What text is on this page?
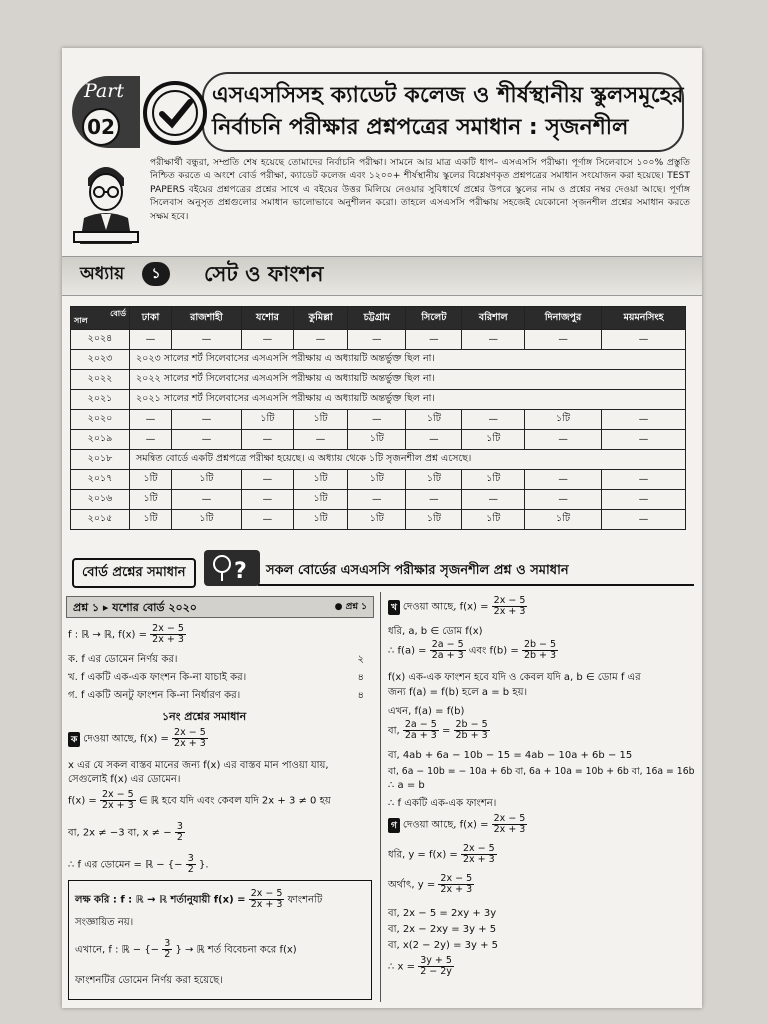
Part
02
এসএসসিসহ ক্যাডেট কলেজ ও শীর্ষস্থানীয় স্কুলসমূহের
নির্বাচনি পরীক্ষার প্রশ্নপত্রের সমাধান : সৃজনশীল
পরীক্ষার্থী বন্ধুরা, সম্প্রতি শেষ হয়েছে তোমাদের নির্বাচনি পরীক্ষা। সামনে আর মাত্র একটি ধাপ– এসএসসি পরীক্ষা। পূর্ণাঙ্গ সিলেবাসে ১০০% প্রস্তুতি নিশ্চিত করতে এ অংশে বোর্ড পরীক্ষা, ক্যাডেট কলেজ এবং ১২০০+ শীর্ষস্থানীয় স্কুলের বিশ্লেষণকৃত প্রশ্নপত্রের সমাধান সংযোজন করা হয়েছে। TEST PAPERS বইয়ের প্রশ্নপত্রের প্রশ্নের সাথে এ বইয়ের উত্তর মিলিয়ে নেওয়ার সুবিধার্থে প্রশ্নের উপরে স্কুলের নাম ও প্রশ্নের নম্বর দেওয়া আছে। পূর্ণাঙ্গ সিলেবাস অনুসৃত প্রশ্নগুলোর সমাধান ভালোভাবে অনুশীলন করো। তাহলে এসএসসি পরীক্ষায় সহজেই যেকোনো সৃজনশীল প্রশ্নের সমাধান করতে সক্ষম হবে।
অধ্যায়	১	সেট ও ফাংশন
বোর্ড
সাল	ঢাকা	রাজশাহী	যশোর	কুমিল্লা	চট্টগ্রাম	সিলেট	বরিশাল	দিনাজপুর	ময়মনসিংহ
২০২৪	—	—	—	—	—	—	—	—	—
২০২৩	২০২৩ সালের শর্ট সিলেবাসের এসএসসি পরীক্ষায় এ অধ্যায়টি অন্তর্ভুক্ত ছিল না।								
২০২২	২০২২ সালের শর্ট সিলেবাসের এসএসসি পরীক্ষায় এ অধ্যায়টি অন্তর্ভুক্ত ছিল না।								
২০২১	২০২১ সালের শর্ট সিলেবাসের এসএসসি পরীক্ষায় এ অধ্যায়টি অন্তর্ভুক্ত ছিল না।								
২০২০	—	—	১টি	১টি	—	১টি	—	১টি	—
২০১৯	—	—	—	—	১টি	—	১টি	—	—
২০১৮	সমন্বিত বোর্ডে একটি প্রশ্নপত্রে পরীক্ষা হয়েছে। এ অধ্যায় থেকে ১টি সৃজনশীল প্রশ্ন এসেছে।								
২০১৭	১টি	১টি	—	১টি	১টি	১টি	১টি	—	—
২০১৬	১টি	—	—	১টি	—	—	—	—	—
২০১৫	১টি	১টি	—	১টি	১টি	১টি	১টি	১টি	—
বোর্ড প্রশ্নের সমাধান	?	সকল বোর্ডের এসএসসি পরীক্ষার সৃজনশীল প্রশ্ন ও সমাধান
প্রশ্ন ১ ▸ যশোর বোর্ড ২০২০	● প্রশ্ন ১
f : ℝ → ℝ, $f(x) = \frac{2x - 5}{2x + 3}$
ক. f এর ডোমেন নির্ণয় কর।	২
খ. f একটি এক-এক ফাংশন কি-না যাচাই কর।	৪
গ. f একটি অনটু ফাংশন কি-না নির্ধারণ কর।	৪
১নং প্রশ্নের সমাধান
ক দেওয়া আছে, $f(x) = \frac{2x - 5}{2x + 3}$
x এর যে সকল বাস্তব মানের জন্য f(x) এর বাস্তব মান পাওয়া যায়,
সেগুলোই f(x) এর ডোমেন।
$f(x) = \frac{2x - 5}{2x + 3}$ ∈ ℝ হবে যদি এবং কেবল যদি 2x + 3 ≠ 0 হয়
বা, 2x ≠ −3 বা, x ≠ − $\frac{3}{2}$
∴ f এর ডোমেন = ℝ − {− $\frac{3}{2}$ }.
লক্ষ করি : f : ℝ → ℝ শর্তানুযায়ী $f(x) = \frac{2x - 5}{2x + 3}$ ফাংশনটি
সংজ্ঞায়িত নয়।
এখানে, f : ℝ − {− $\frac{3}{2}$ } → ℝ শর্ত বিবেচনা করে f(x)
ফাংশনটির ডোমেন নির্ণয় করা হয়েছে।
খ দেওয়া আছে, $f(x) = \frac{2x - 5}{2x + 3}$
ধরি, a, b ∈ ডোম f(x)
∴ $f(a) = \frac{2a - 5}{2a + 3}$ এবং $f(b) = \frac{2b - 5}{2b + 3}$
f(x) এক-এক ফাংশন হবে যদি ও কেবল যদি a, b ∈ ডোম f এর
জন্য f(a) = f(b) হলে a = b হয়।
এখন, f(a) = f(b)
বা, $\frac{2a - 5}{2a + 3} = \frac{2b - 5}{2b + 3}$
বা, 4ab + 6a − 10b − 15 = 4ab − 10a + 6b − 15
বা, 6a − 10b = − 10a + 6b বা, 6a + 10a = 10b + 6b বা, 16a = 16b
∴ a = b
∴ f একটি এক-এক ফাংশন।
গ দেওয়া আছে, $f(x) = \frac{2x - 5}{2x + 3}$
ধরি, $y = f(x) = \frac{2x - 5}{2x + 3}$
অর্থাৎ, $y = \frac{2x - 5}{2x + 3}$
বা, 2x − 5 = 2xy + 3y
বা, 2x − 2xy = 3y + 5
বা, x(2 − 2y) = 3y + 5
∴ $x = \frac{3y + 5}{2 - 2y}$
